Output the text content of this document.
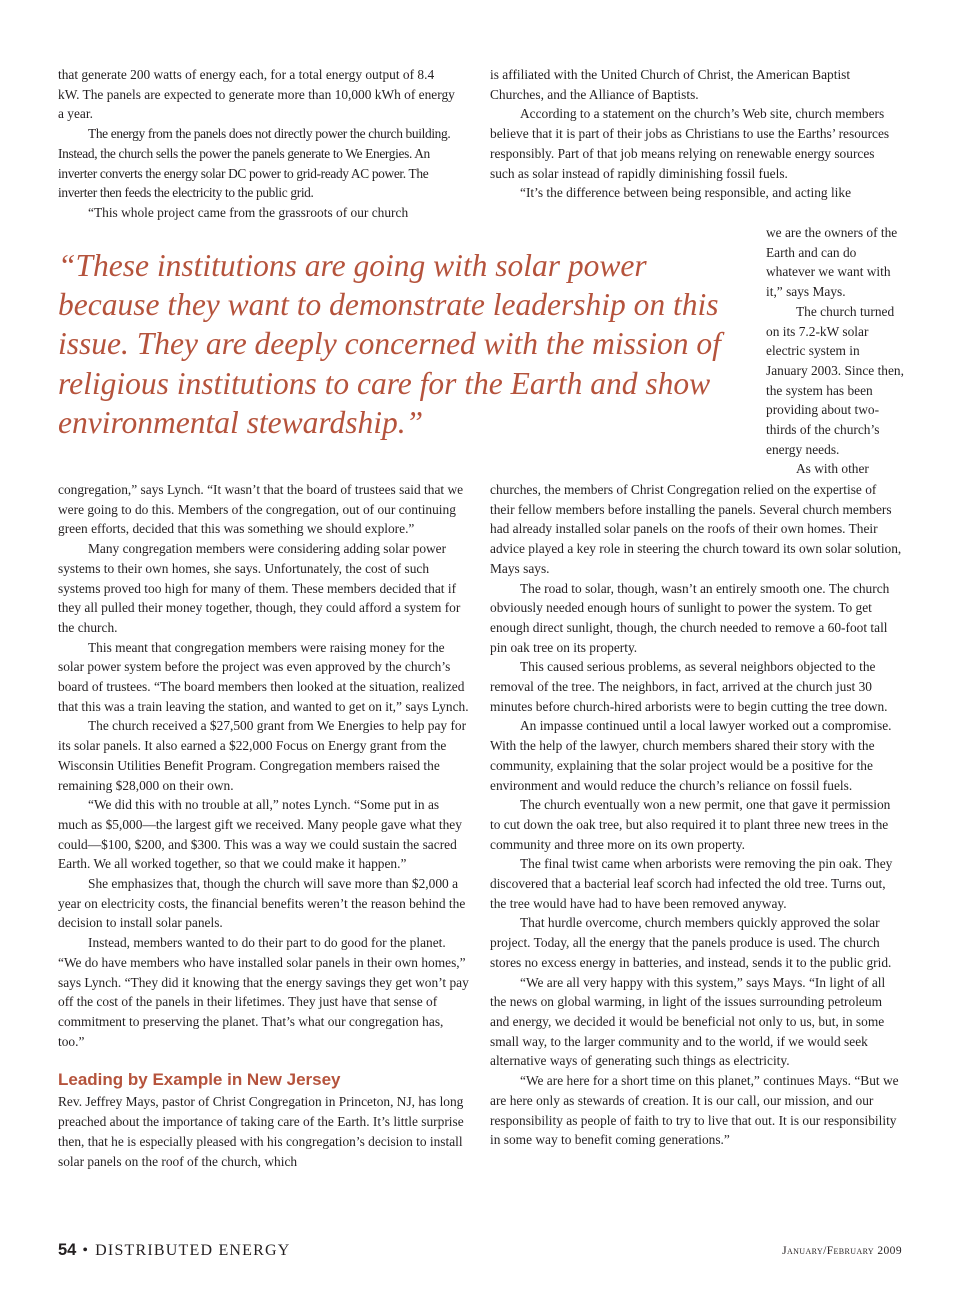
that generate 200 watts of energy each, for a total energy output of 8.4 kW. The panels are expected to generate more than 10,000 kWh of energy a year.

The energy from the panels does not directly power the church building. Instead, the church sells the power the panels generate to We Energies. An inverter converts the energy solar DC power to grid-ready AC power. The inverter then feeds the electricity to the public grid.

“This whole project came from the grassroots of our church

“These institutions are going with solar power because they want to demonstrate leadership on this issue. They are deeply concerned with the mission of religious institutions to care for the Earth and show environmental stewardship.”

congregation,” says Lynch. “It wasn’t that the board of trustees said that we were going to do this. Members of the congregation, out of our continuing green efforts, decided that this was something we should explore.”

Many congregation members were considering adding solar power systems to their own homes, she says. Unfortunately, the cost of such systems proved too high for many of them. These members decided that if they all pulled their money together, though, they could afford a system for the church.

This meant that congregation members were raising money for the solar power system before the project was even approved by the church’s board of trustees. “The board members then looked at the situation, realized that this was a train leaving the station, and wanted to get on it,” says Lynch.

The church received a $27,500 grant from We Energies to help pay for its solar panels. It also earned a $22,000 Focus on Energy grant from the Wisconsin Utilities Benefit Program. Congregation members raised the remaining $28,000 on their own.

“We did this with no trouble at all,” notes Lynch. “Some put in as much as $5,000—the largest gift we received. Many people gave what they could—$100, $200, and $300. This was a way we could sustain the sacred Earth. We all worked together, so that we could make it happen.”

She emphasizes that, though the church will save more than $2,000 a year on electricity costs, the financial benefits weren’t the reason behind the decision to install solar panels.

Instead, members wanted to do their part to do good for the planet. “We do have members who have installed solar panels in their own homes,” says Lynch. “They did it knowing that the energy savings they get won’t pay off the cost of the panels in their lifetimes. They just have that sense of commitment to preserving the planet. That’s what our congregation has, too.”

Leading by Example in New Jersey

Rev. Jeffrey Mays, pastor of Christ Congregation in Princeton, NJ, has long preached about the importance of taking care of the Earth. It’s little surprise then, that he is especially pleased with his congregation’s decision to install solar panels on the roof of the church, which

is affiliated with the United Church of Christ, the American Baptist Churches, and the Alliance of Baptists.

According to a statement on the church’s Web site, church members believe that it is part of their jobs as Christians to use the Earths’ resources responsibly. Part of that job means relying on renewable energy sources such as solar instead of rapidly diminishing fossil fuels.

“It’s the difference between being responsible, and acting like

we are the owners of the Earth and can do whatever we want with it,” says Mays.

The church turned on its 7.2-kW solar electric system in January 2003. Since then, the system has been providing about two-thirds of the church’s energy needs.

As with other

churches, the members of Christ Congregation relied on the expertise of their fellow members before installing the panels. Several church members had already installed solar panels on the roofs of their own homes. Their advice played a key role in steering the church toward its own solar solution, Mays says.

The road to solar, though, wasn’t an entirely smooth one. The church obviously needed enough hours of sunlight to power the system. To get enough direct sunlight, though, the church needed to remove a 60-foot tall pin oak tree on its property.

This caused serious problems, as several neighbors objected to the removal of the tree. The neighbors, in fact, arrived at the church just 30 minutes before church-hired arborists were to begin cutting the tree down.

An impasse continued until a local lawyer worked out a compromise. With the help of the lawyer, church members shared their story with the community, explaining that the solar project would be a positive for the environment and would reduce the church’s reliance on fossil fuels.

The church eventually won a new permit, one that gave it permission to cut down the oak tree, but also required it to plant three new trees in the community and three more on its own property.

The final twist came when arborists were removing the pin oak. They discovered that a bacterial leaf scorch had infected the old tree. Turns out, the tree would have had to have been removed anyway.

That hurdle overcome, church members quickly approved the solar project. Today, all the energy that the panels produce is used. The church stores no excess energy in batteries, and instead, sends it to the public grid.

“We are all very happy with this system,” says Mays. “In light of all the news on global warming, in light of the issues surrounding petroleum and energy, we decided it would be beneficial not only to us, but, in some small way, to the larger community and to the world, if we would seek alternative ways of generating such things as electricity.

“We are here for a short time on this planet,” continues Mays. “But we are here only as stewards of creation. It is our call, our mission, and our responsibility as people of faith to try to live that out. It is our responsibility in some way to benefit coming generations.”

54 • DISTRIBUTED ENERGY	January/February 2009
